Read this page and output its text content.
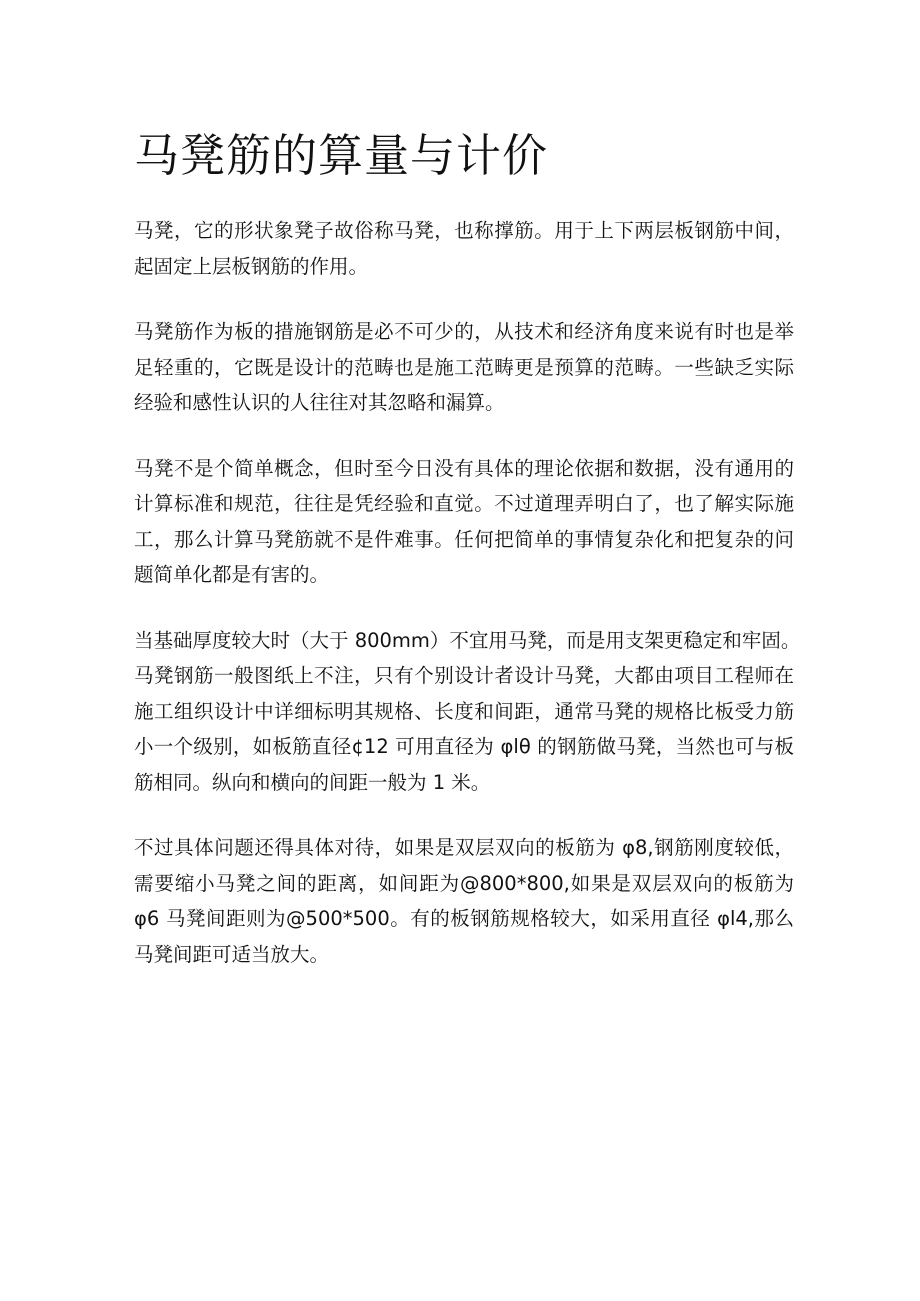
马凳筋的算量与计价

马凳，它的形状象凳子故俗称马凳，也称撑筋。用于上下两层板钢筋中间，
起固定上层板钢筋的作用。

马凳筋作为板的措施钢筋是必不可少的，从技术和经济角度来说有时也是举
足轻重的，它既是设计的范畴也是施工范畴更是预算的范畴。一些缺乏实际
经验和感性认识的人往往对其忽略和漏算。

马凳不是个简单概念，但时至今日没有具体的理论依据和数据，没有通用的
计算标准和规范，往往是凭经验和直觉。不过道理弄明白了，也了解实际施
工，那么计算马凳筋就不是件难事。任何把简单的事情复杂化和把复杂的问
题简单化都是有害的。

当基础厚度较大时（大于 800mm）不宜用马凳，而是用支架更稳定和牢固。
马凳钢筋一般图纸上不注，只有个别设计者设计马凳，大都由项目工程师在
施工组织设计中详细标明其规格、长度和间距，通常马凳的规格比板受力筋
小一个级别，如板筋直径¢12 可用直径为 φlθ 的钢筋做马凳，当然也可与板
筋相同。纵向和横向的间距一般为 1 米。

不过具体问题还得具体对待，如果是双层双向的板筋为 φ8,钢筋刚度较低，
需要缩小马凳之间的距离，如间距为@800*800,如果是双层双向的板筋为
φ6 马凳间距则为@500*500。有的板钢筋规格较大，如采用直径 φl4,那么
马凳间距可适当放大。
